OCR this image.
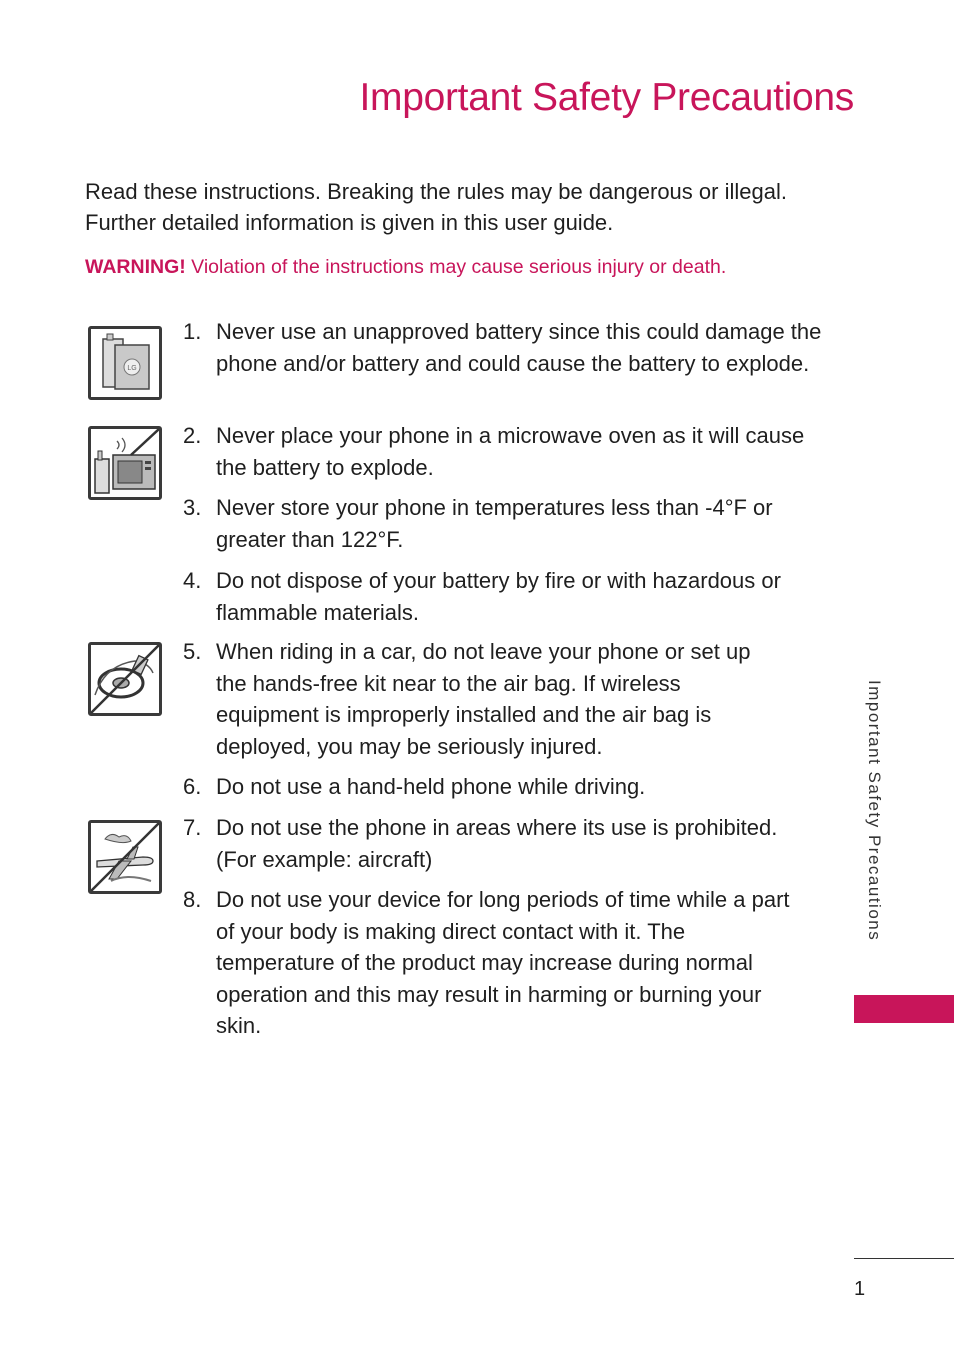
Important Safety Precautions

Read these instructions. Breaking the rules may be dangerous or illegal. Further detailed information is given in this user guide.

WARNING! Violation of the instructions may cause serious injury or death.

LG
1. Never use an unapproved battery since this could damage the phone and/or battery and could cause the battery to explode.
2. Never place your phone in a microwave oven as it will cause the battery to explode.
3. Never store your phone in temperatures less than -4°F or greater than 122°F.
4. Do not dispose of your battery by fire or with hazardous or flammable materials.
5. When riding in a car, do not leave your phone or set up the hands-free kit near to the air bag. If wireless equipment is improperly installed and the air bag is deployed, you may be seriously injured.
6. Do not use a hand-held phone while driving.
7. Do not use the phone in areas where its use is prohibited. (For example: aircraft)
8. Do not use your device for long periods of time while a part of your body is making direct contact with it. The temperature of the product may increase during normal operation and this may result in harming or burning your skin.
Important Safety Precautions
1
